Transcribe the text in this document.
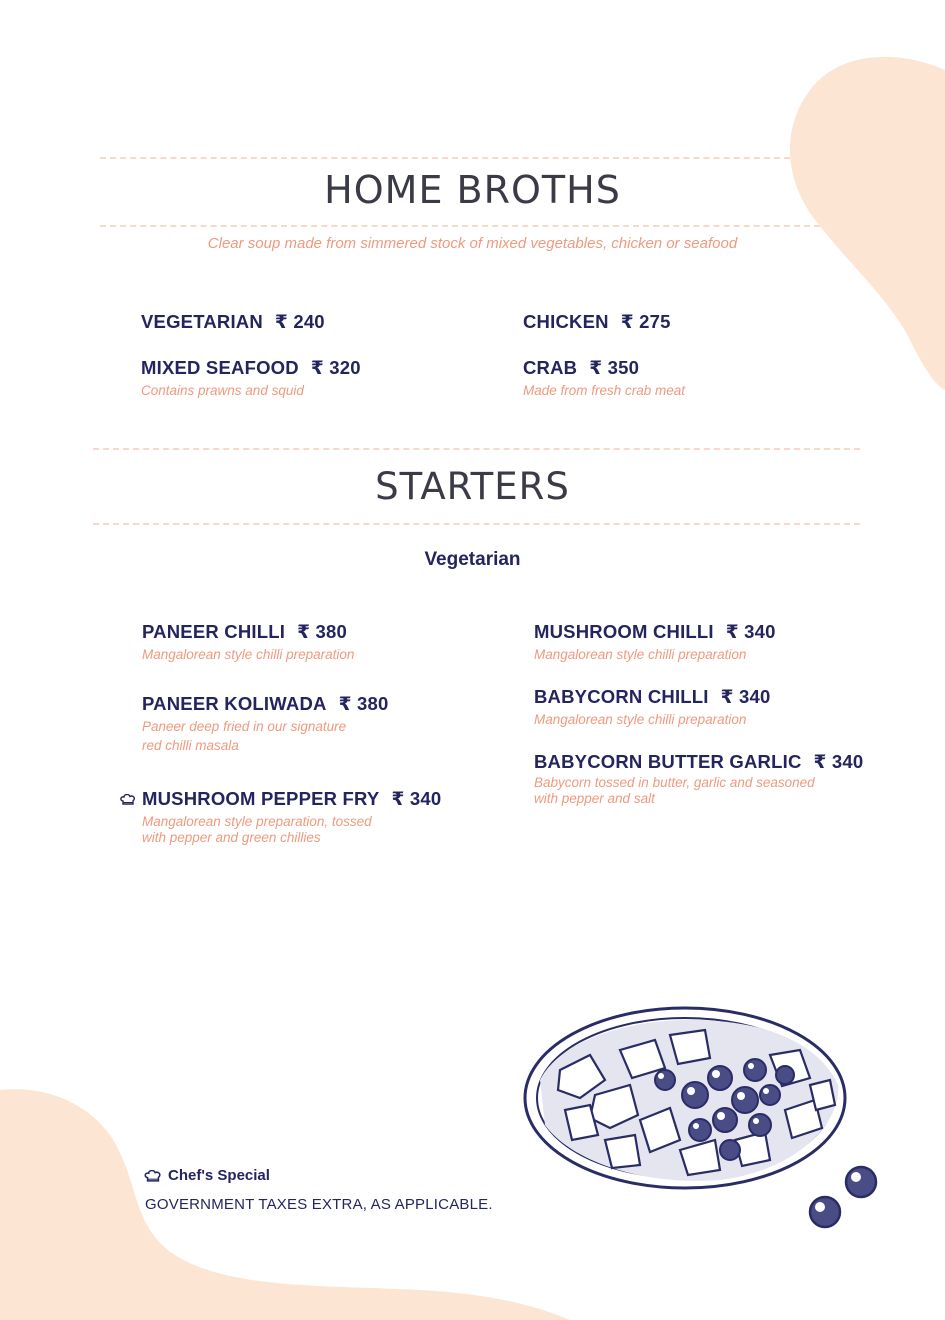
HOME BROTHS
Clear soup made from simmered stock of mixed vegetables, chicken or seafood
VEGETARIAN ₹ 240	CHICKEN ₹ 275
MIXED SEAFOOD ₹ 320
Contains prawns and squid
CRAB ₹ 350
Made from fresh crab meat
STARTERS
Vegetarian
PANEER CHILLI ₹ 380
Mangalorean style chilli preparation
MUSHROOM CHILLI ₹ 340
Mangalorean style chilli preparation
PANEER KOLIWADA ₹ 380
Paneer deep fried in our signature
red chilli masala
BABYCORN CHILLI ₹ 340
Mangalorean style chilli preparation
BABYCORN BUTTER GARLIC ₹ 340
Babycorn tossed in butter, garlic and seasoned
with pepper and salt
MUSHROOM PEPPER FRY ₹ 340
Mangalorean style preparation, tossed
with pepper and green chillies
Chef's Special
GOVERNMENT TAXES EXTRA, AS APPLICABLE.
